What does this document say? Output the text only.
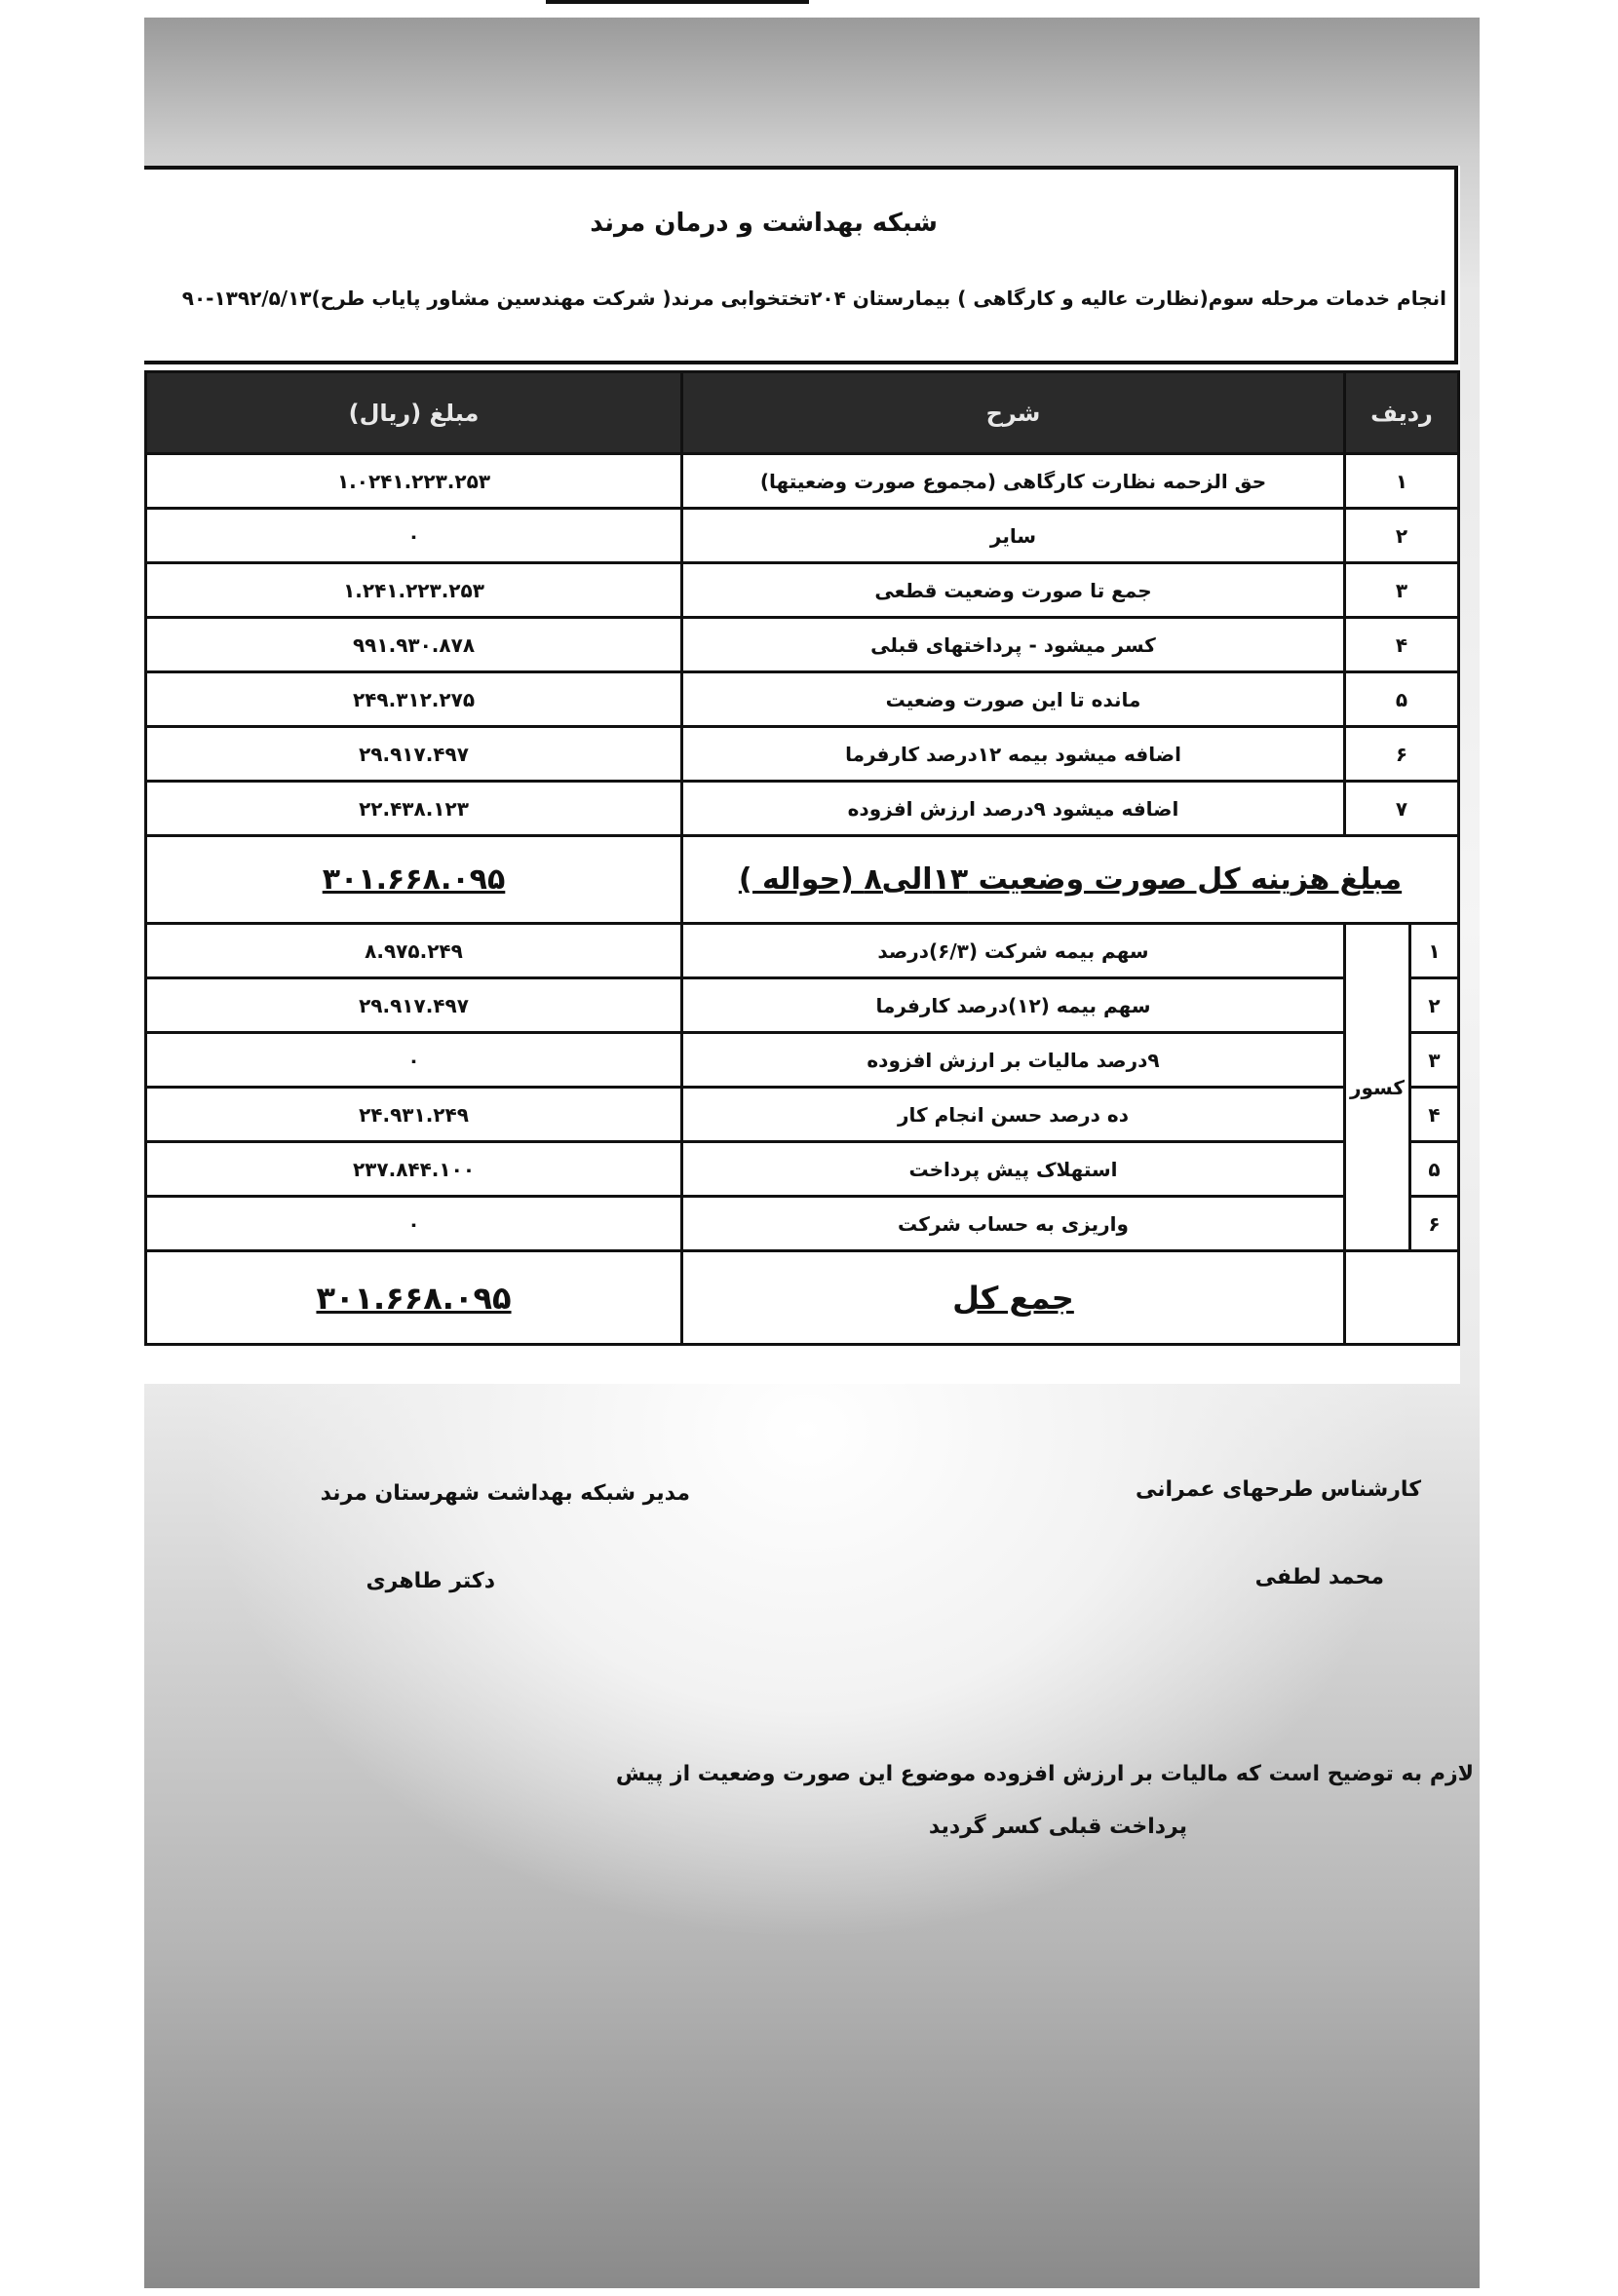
شبکه بهداشت و درمان مرند
انجام خدمات مرحله سوم(نظارت عالیه و کارگاهی ) بیمارستان ۲۰۴تختخوابی مرند( شرکت مهندسین مشاور پایاب طرح)۱۳۹۲/۵/۱۳-۹۰
ردیف		شرح	مبلغ (ریال)
۱		حق الزحمه نظارت کارگاهی (مجموع صورت وضعیتها)	۱.۰۲۴۱.۲۲۳.۲۵۳
۲		سایر	۰
۳		جمع تا صورت وضعیت قطعی	۱.۲۴۱.۲۲۳.۲۵۳
۴		کسر میشود - پرداختهای قبلی	۹۹۱.۹۳۰.۸۷۸
۵		مانده تا این صورت وضعیت	۲۴۹.۳۱۲.۲۷۵
۶		اضافه میشود بیمه ۱۲درصد کارفرما	۲۹.۹۱۷.۴۹۷
۷		اضافه میشود ۹درصد ارزش افزوده	۲۲.۴۳۸.۱۲۳
مبلغ هزینه کل صورت وضعیت ۱۳الی۸ (حواله )			۳۰۱.۶۶۸.۰۹۵
۱	کسور	سهم بیمه شرکت (۶/۳)درصد	۸.۹۷۵.۲۴۹
۲		سهم بیمه (۱۲)درصد کارفرما	۲۹.۹۱۷.۴۹۷
۳		۹درصد مالیات بر ارزش افزوده	۰
۴		ده درصد حسن انجام کار	۲۴.۹۳۱.۲۴۹
۵		استهلاک پیش پرداخت	۲۳۷.۸۴۴.۱۰۰
۶		واریزی به حساب شرکت	۰
		جمع کل	۳۰۱.۶۶۸.۰۹۵
مدیر شبکه بهداشت شهرستان مرند
دکتر طاهری
کارشناس طرحهای عمرانی
محمد لطفی
لازم به توضیح است که مالیات بر ارزش افزوده موضوع این صورت وضعیت از پیش
پرداخت قبلی کسر گردید
